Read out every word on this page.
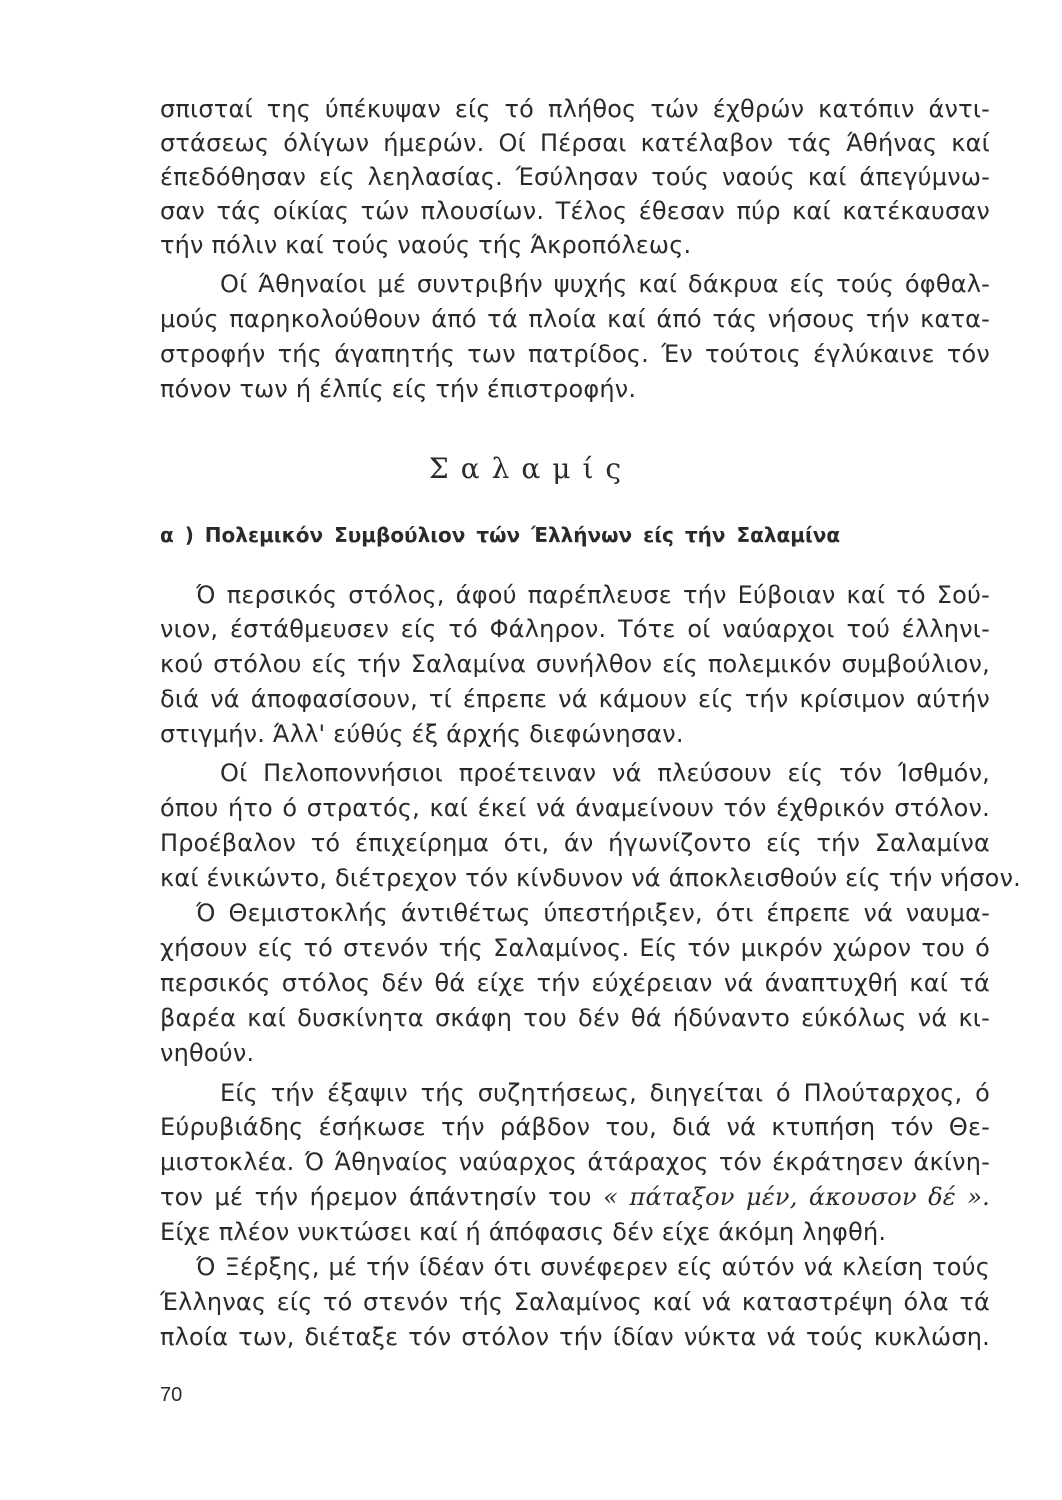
σπισταί της ύπέκυψαν είς τό πλήθος τών έχθρών κατόπιν άντι-
στάσεως όλίγων ήμερών. Οί Πέρσαι κατέλαβον τάς Άθήνας καί
έπεδόθησαν είς λεηλασίας. Έσύλησαν τούς ναούς καί άπεγύμνω-
σαν τάς οίκίας τών πλουσίων. Τέλος έθεσαν πύρ καί κατέκαυσαν
τήν πόλιν καί τούς ναούς τής Άκροπόλεως.
Οί Άθηναίοι μέ συντριβήν ψυχής καί δάκρυα είς τούς όφθαλ-
μούς παρηκολούθουν άπό τά πλοία καί άπό τάς νήσους τήν κατα-
στροφήν τής άγαπητής των πατρίδος. Έν τούτοις έγλύκαινε τόν
πόνον των ή έλπίς είς τήν έπιστροφήν.
Σαλαμίς
α ) Πολεμικόν Συμβούλιον τών Έλλήνων είς τήν Σαλαμίνα
Ό περσικός στόλος, άφού παρέπλευσε τήν Εύβοιαν καί τό Σού-
νιον, έστάθμευσεν είς τό Φάληρον. Τότε οί ναύαρχοι τού έλληνι-
κού στόλου είς τήν Σαλαμίνα συνήλθον είς πολεμικόν συμβούλιον,
διά νά άποφασίσουν, τί έπρεπε νά κάμουν είς τήν κρίσιμον αύτήν
στιγμήν. Άλλ' εύθύς έξ άρχής διεφώνησαν.
Οί Πελοποννήσιοι προέτειναν νά πλεύσουν είς τόν Ίσθμόν,
όπου ήτο ό στρατός, καί έκεί νά άναμείνουν τόν έχθρικόν στόλον.
Προέβαλον τό έπιχείρημα ότι, άν ήγωνίζοντο είς τήν Σαλαμίνα
καί ένικώντο, διέτρεχον τόν κίνδυνον νά άποκλεισθούν είς τήν νήσον.
Ό Θεμιστοκλής άντιθέτως ύπεστήριξεν, ότι έπρεπε νά ναυμα-
χήσουν είς τό στενόν τής Σαλαμίνος. Είς τόν μικρόν χώρον του ό
περσικός στόλος δέν θά είχε τήν εύχέρειαν νά άναπτυχθή καί τά
βαρέα καί δυσκίνητα σκάφη του δέν θά ήδύναντο εύκόλως νά κι-
νηθούν.
Είς τήν έξαψιν τής συζητήσεως, διηγείται ό Πλούταρχος, ό
Εύρυβιάδης έσήκωσε τήν ράβδον του, διά νά κτυπήση τόν Θε-
μιστοκλέα. Ό Άθηναίος ναύαρχος άτάραχος τόν έκράτησεν άκίνη-
τον μέ τήν ήρεμον άπάντησίν του « πάταξον μέν, άκουσον δέ ».
Είχε πλέον νυκτώσει καί ή άπόφασις δέν είχε άκόμη ληφθή.
Ό Ξέρξης, μέ τήν ίδέαν ότι συνέφερεν είς αύτόν νά κλείση τούς
Έλληνας είς τό στενόν τής Σαλαμίνος καί νά καταστρέψη όλα τά
πλοία των, διέταξε τόν στόλον τήν ίδίαν νύκτα νά τούς κυκλώση.
70
